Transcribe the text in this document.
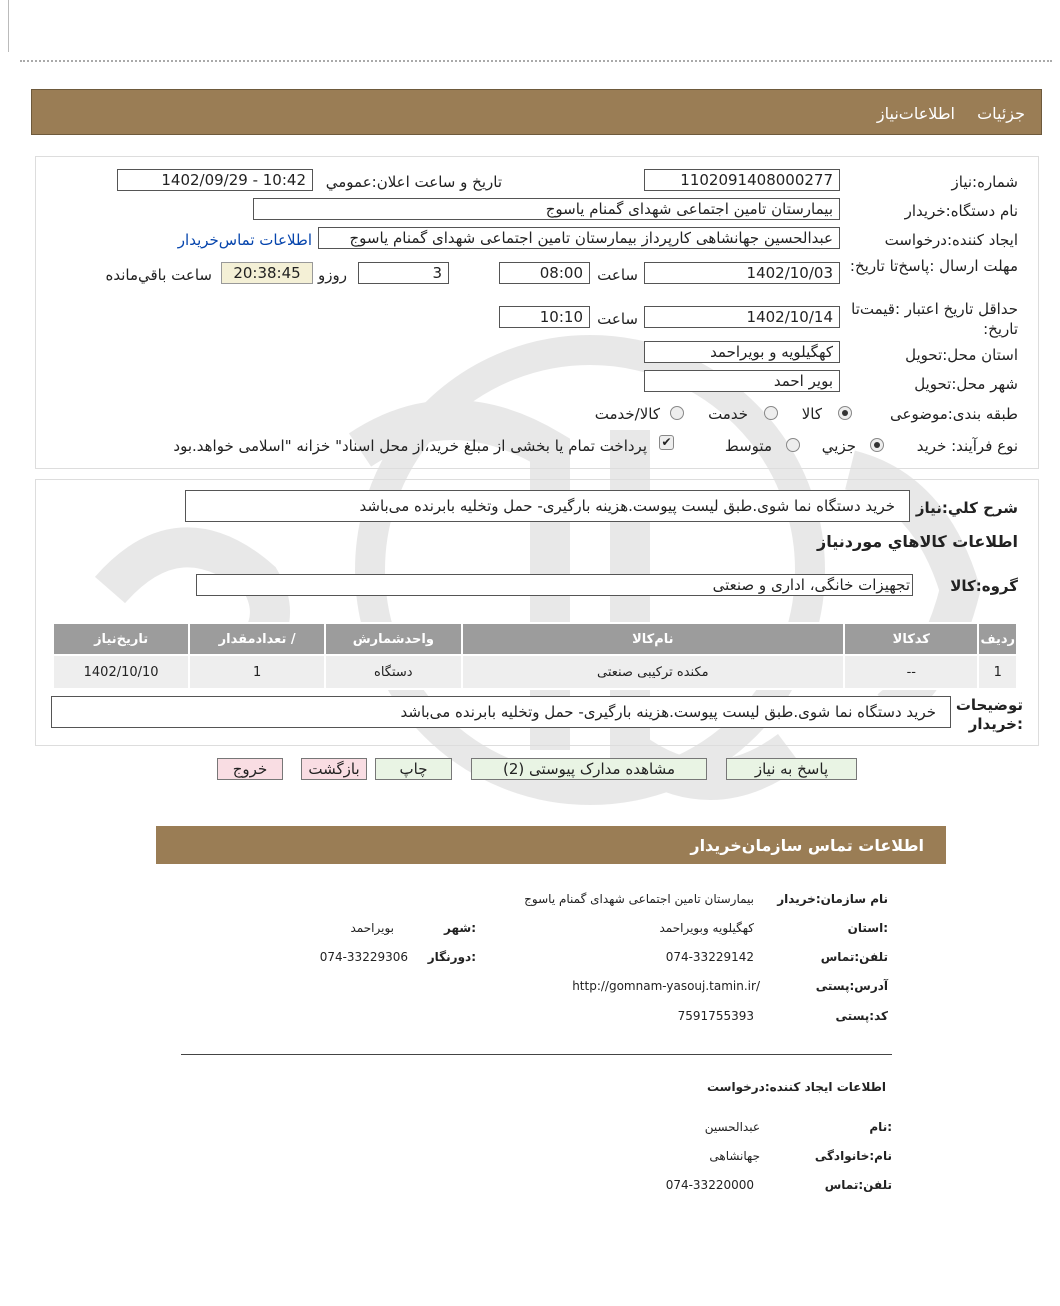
جزئیات
اطلاعات‌نیاز
شماره:نیاز
1102091408000277
تاریخ و ساعت اعلان:عمومي
1402/09/29 - 10:42
نام دستگاه:خریدار
بیمارستان تامین اجتماعی شهدای گمنام یاسوج
ایجاد کننده:درخواست
عبدالحسین جهانشاهی کارپرداز بیمارستان تامین اجتماعی شهدای گمنام یاسوج
اطلاعات تماس‌خریدار
مهلت ارسال :پاسخ‌تا تاریخ:
1402/10/03
ساعت
08:00
3
روزو
20:38:45
ساعت باقي‌مانده
حداقل تاریخ اعتبار :قیمت‌تا تاریخ:
1402/10/14
ساعت
10:10
استان محل:تحویل
کهگیلویه و بویراحمد
شهر محل:تحویل
بویر احمد
طبقه بندی:موضوعی
کالا
خدمت
کالا/خدمت
نوع فرآیند: خرید
جزيي
متوسط
✔
پرداخت تمام یا بخشی از مبلغ خرید،از محل اسناد" خزانه "اسلامی خواهد.بود
شرح کلي:نیاز
خرید دستگاه نما شوی.طبق لیست پیوست.هزینه بارگیری- حمل وتخلیه بابرنده می‌باشد
اطلاعات کالاهاي موردنیاز
گروه:کالا
تجهیزات خانگی، اداری و صنعتی
ردیف	کدکالا	نام‌کالا	واحدشمارش	/ تعدادمقدار	تاریخ‌نیاز
1	--	مکنده ترکیبی صنعتی	دستگاه	1	1402/10/10
توضیحات :خریدار
خرید دستگاه نما شوی.طبق لیست پیوست.هزینه بارگیری- حمل وتخلیه بابرنده می‌باشد
پاسخ به نیاز
مشاهده مدارک پیوستی (2)
چاپ
بازگشت
خروج
اطلاعات تماس سازمان‌خریدار
نام سازمان:خریدار
بیمارستان تامین اجتماعی شهدای گمنام یاسوج
:استان
کهگیلویه وبویراحمد
:شهر
بویراحمد
تلفن:تماس
074-33229142
:دورنگار
074-33229306
آدرس:پستی
http://gomnam-yasouj.tamin.ir/
کد:پستی
7591755393
اطلاعات ایجاد کننده:درخواست
:نام
عبدالحسین
نام:خانوادگی
جهانشاهی
تلفن:تماس
074-33220000
